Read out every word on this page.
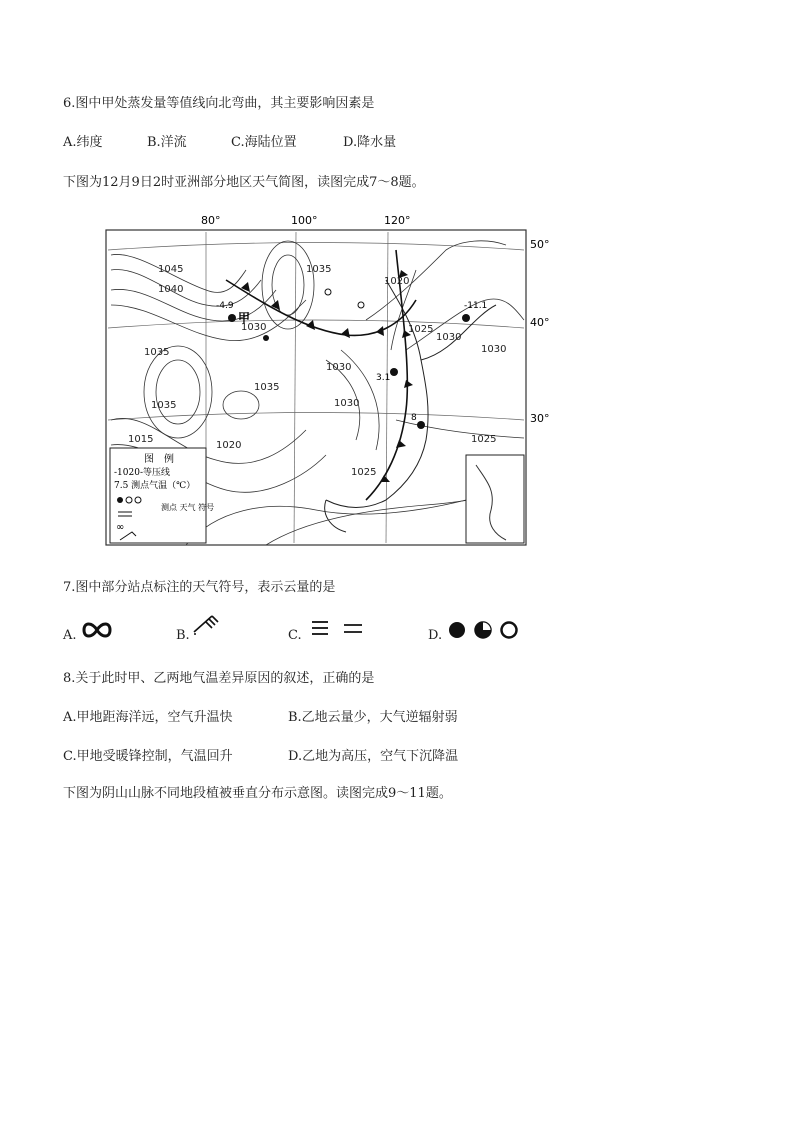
6.图中甲处蒸发量等值线向北弯曲，其主要影响因素是
A.纬度	B.洋流	C.海陆位置	D.降水量
下图为12月9日2时亚洲部分地区天气简图，读图完成7～8题。
80°	100°	120°
50°
40°
30°
1045
1040
1035
1030
1030
1035
1035
1020
1015
1020
1030
1025
1030
1030
1025
1025
1035
-4.9
甲
-11.1
3.1
8
图　例
-1020-等压线
7.5 测点气温（℃）
测点 天气 符号
∞
7.图中部分站点标注的天气符号，表示云量的是
A.	B.	C.	D.
8.关于此时甲、乙两地气温差异原因的叙述，正确的是
A.甲地距海洋远，空气升温快	B.乙地云量少，大气逆辐射弱
C.甲地受暖锋控制，气温回升	D.乙地为高压，空气下沉降温
下图为阴山山脉不同地段植被垂直分布示意图。读图完成9～11题。
